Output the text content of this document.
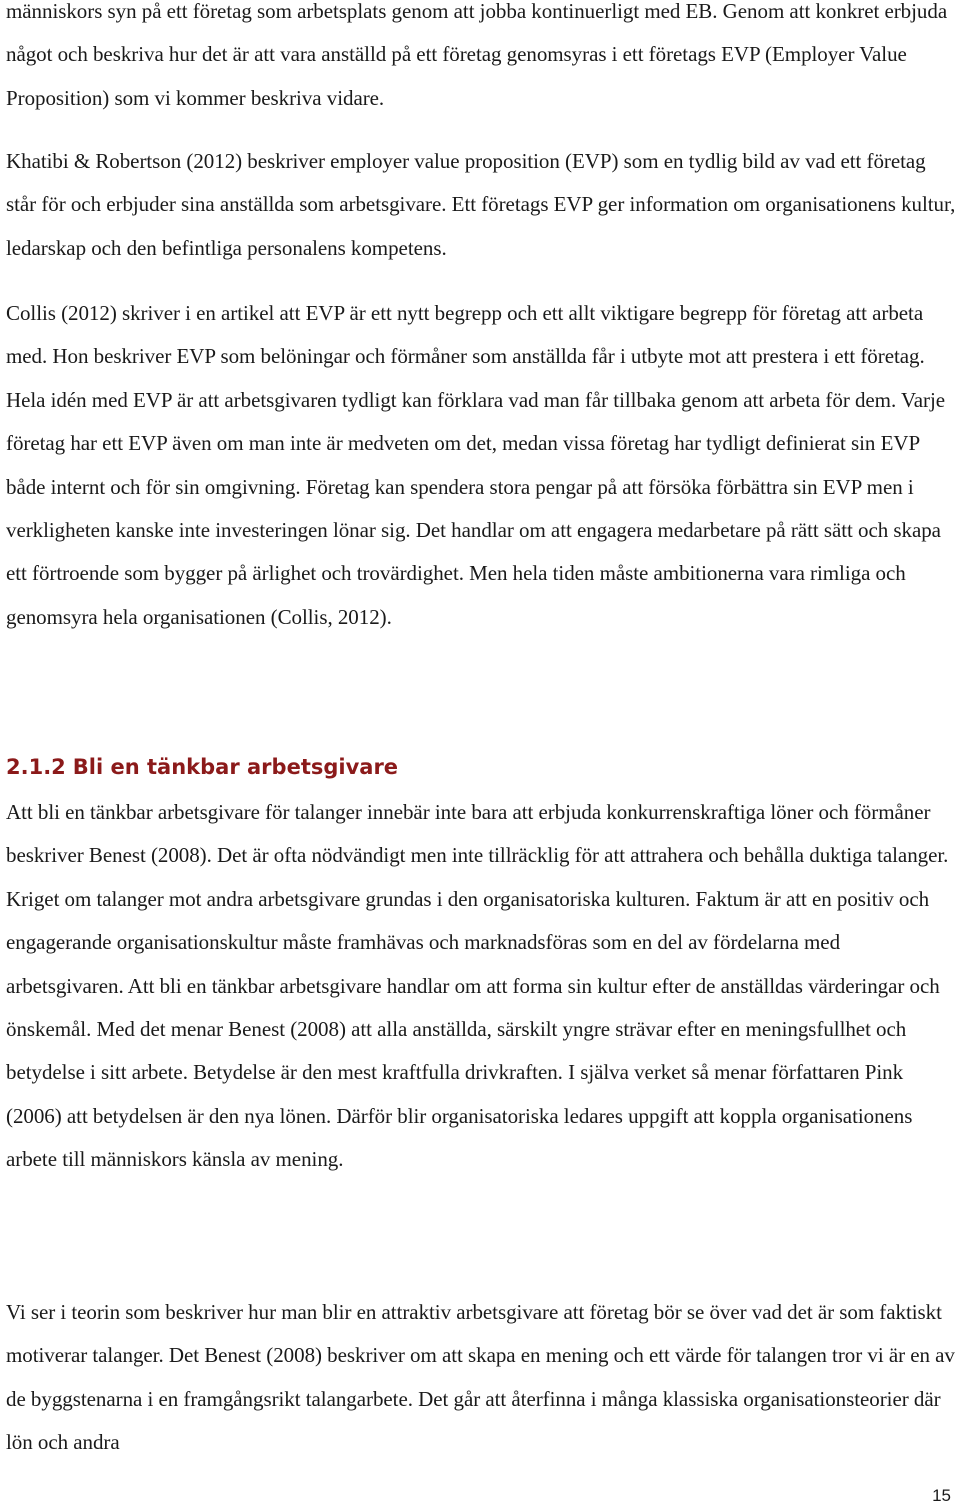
människors syn på ett företag som arbetsplats genom att jobba kontinuerligt med EB. Genom att konkret erbjuda något och beskriva hur det är att vara anställd på ett företag genomsyras i ett företags EVP (Employer Value Proposition) som vi kommer beskriva vidare.

Khatibi & Robertson (2012) beskriver employer value proposition (EVP) som en tydlig bild av vad ett företag står för och erbjuder sina anställda som arbetsgivare. Ett företags EVP ger information om organisationens kultur, ledarskap och den befintliga personalens kompetens.

Collis (2012) skriver i en artikel att EVP är ett nytt begrepp och ett allt viktigare begrepp för företag att arbeta med. Hon beskriver EVP som belöningar och förmåner som anställda får i utbyte mot att prestera i ett företag. Hela idén med EVP är att arbetsgivaren tydligt kan förklara vad man får tillbaka genom att arbeta för dem. Varje företag har ett EVP även om man inte är medveten om det, medan vissa företag har tydligt definierat sin EVP både internt och för sin omgivning. Företag kan spendera stora pengar på att försöka förbättra sin EVP men i verkligheten kanske inte investeringen lönar sig. Det handlar om att engagera medarbetare på rätt sätt och skapa ett förtroende som bygger på ärlighet och trovärdighet. Men hela tiden måste ambitionerna vara rimliga och genomsyra hela organisationen (Collis, 2012).

2.1.2 Bli en tänkbar arbetsgivare

Att bli en tänkbar arbetsgivare för talanger innebär inte bara att erbjuda konkurrenskraftiga löner och förmåner beskriver Benest (2008). Det är ofta nödvändigt men inte tillräcklig för att attrahera och behålla duktiga talanger. Kriget om talanger mot andra arbetsgivare grundas i den organisatoriska kulturen. Faktum är att en positiv och engagerande organisationskultur måste framhävas och marknadsföras som en del av fördelarna med arbetsgivaren. Att bli en tänkbar arbetsgivare handlar om att forma sin kultur efter de anställdas värderingar och önskemål. Med det menar Benest (2008) att alla anställda, särskilt yngre strävar efter en meningsfullhet och betydelse i sitt arbete. Betydelse är den mest kraftfulla drivkraften. I själva verket så menar författaren Pink (2006) att betydelsen är den nya lönen. Därför blir organisatoriska ledares uppgift att koppla organisationens arbete till människors känsla av mening.

Vi ser i teorin som beskriver hur man blir en attraktiv arbetsgivare att företag bör se över vad det är som faktiskt motiverar talanger. Det Benest (2008) beskriver om att skapa en mening och ett värde för talangen tror vi är en av de byggstenarna i en framgångsrikt talangarbete. Det går att återfinna i många klassiska organisationsteorier där lön och andra

15
